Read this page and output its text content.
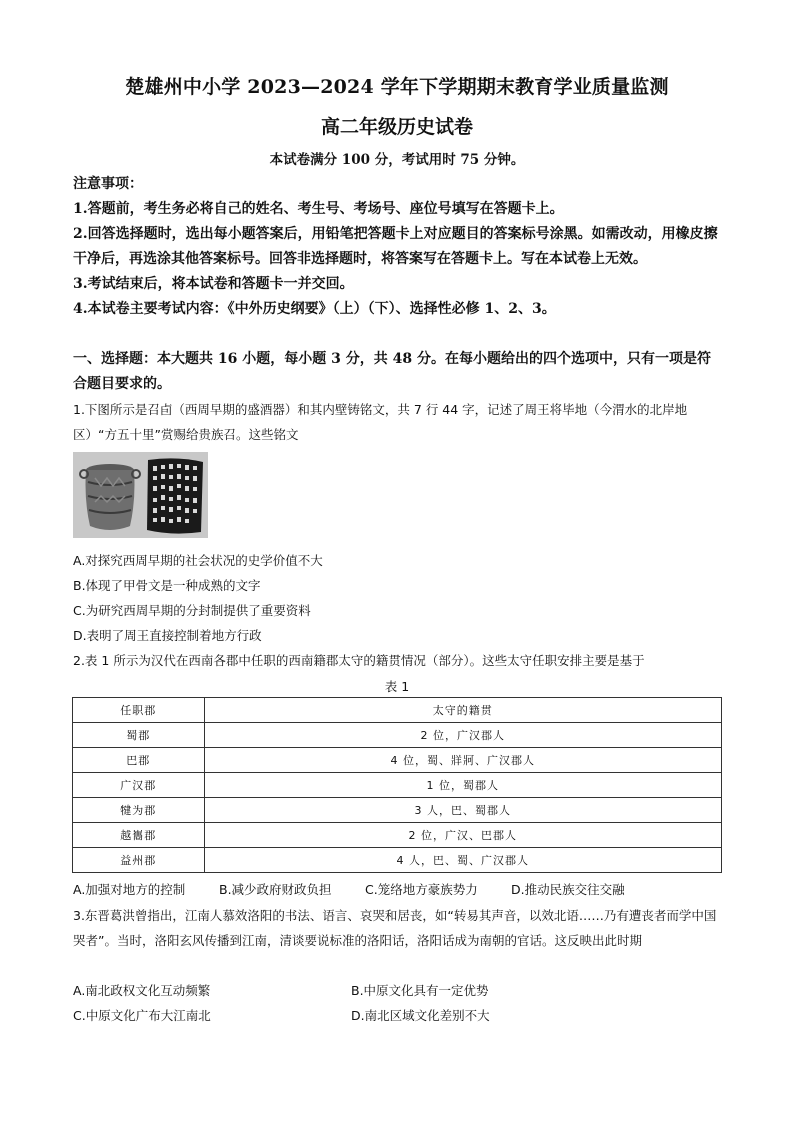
楚雄州中小学 2023—2024 学年下学期期末教育学业质量监测
高二年级历史试卷
本试卷满分 100 分，考试用时 75 分钟。

注意事项：

1.答题前，考生务必将自己的姓名、考生号、考场号、座位号填写在答题卡上。

2.回答选择题时，选出每小题答案后，用铅笔把答题卡上对应题目的答案标号涂黑。如需改动，用橡皮擦干净后，再选涂其他答案标号。回答非选择题时，将答案写在答题卡上。写在本试卷上无效。

3.考试结束后，将本试卷和答题卡一并交回。

4.本试卷主要考试内容：《中外历史纲要》（上）（下）、选择性必修 1、2、3。

一、选择题：本大题共 16 小题，每小题 3 分，共 48 分。在每小题给出的四个选项中，只有一项是符合题目要求的。

1.下图所示是召卣（西周早期的盛酒器）和其内壁铸铭文，共 7 行 44 字，记述了周王将毕地（今渭水的北岸地区）“方五十里”赏赐给贵族召。这些铭文

A.对探究西周早期的社会状况的史学价值不大

B.体现了甲骨文是一种成熟的文字

C.为研究西周早期的分封制提供了重要资料

D.表明了周王直接控制着地方行政

2.表 1 所示为汉代在西南各郡中任职的西南籍郡太守的籍贯情况（部分）。这些太守任职安排主要是基于

表 1
任职郡	太守的籍贯
蜀郡	2 位，广汉郡人
巴郡	4 位，蜀、牂牁、广汉郡人
广汉郡	1 位，蜀郡人
犍为郡	3 人，巴、蜀郡人
越巂郡	2 位，广汉、巴郡人
益州郡	4 人，巴、蜀、广汉郡人
A.加强对地方的控制	B.减少政府财政负担	C.笼络地方豪族势力	D.推动民族交往交融

3.东晋葛洪曾指出，江南人慕效洛阳的书法、语言、哀哭和居丧，如“转易其声音，以效北语……乃有遭丧者而学中国哭者”。当时，洛阳玄风传播到江南，清谈要说标准的洛阳话，洛阳话成为南朝的官话。这反映出此时期

A.南北政权文化互动频繁	B.中原文化具有一定优势
C.中原文化广布大江南北	D.南北区域文化差别不大
